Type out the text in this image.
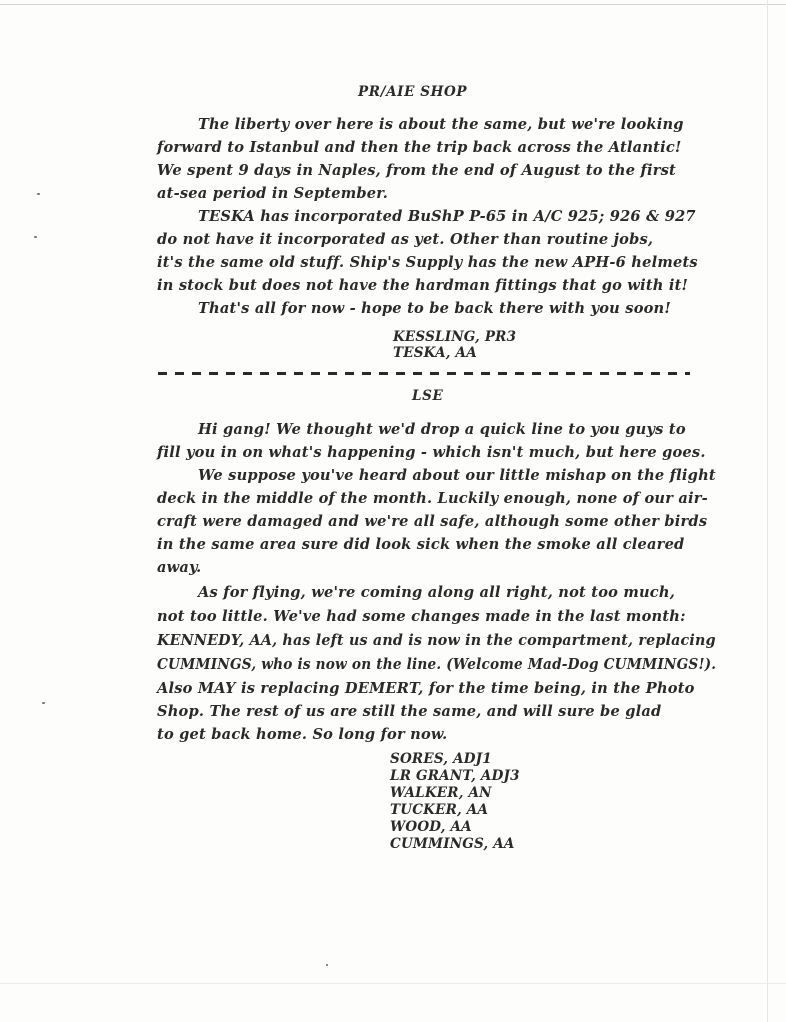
PR/AIE SHOP
The liberty over here is about the same, but we're looking
forward to Istanbul and then the trip back across the Atlantic!
We spent 9 days in Naples, from the end of August to the first
at-sea period in September.
TESKA has incorporated BuShP P-65 in A/C 925; 926 & 927
do not have it incorporated as yet. Other than routine jobs,
it's the same old stuff. Ship's Supply has the new APH-6 helmets
in stock but does not have the hardman fittings that go with it!
That's all for now - hope to be back there with you soon!
KESSLING, PR3
TESKA, AA
LSE
Hi gang! We thought we'd drop a quick line to you guys to
fill you in on what's happening - which isn't much, but here goes.
We suppose you've heard about our little mishap on the flight
deck in the middle of the month. Luckily enough, none of our air-
craft were damaged and we're all safe, although some other birds
in the same area sure did look sick when the smoke all cleared
away.
As for flying, we're coming along all right, not too much,
not too little. We've had some changes made in the last month:
KENNEDY, AA, has left us and is now in the compartment, replacing
CUMMINGS, who is now on the line. (Welcome Mad-Dog CUMMINGS!).
Also MAY is replacing DEMERT, for the time being, in the Photo
Shop. The rest of us are still the same, and will sure be glad
to get back home. So long for now.
SORES, ADJ1
LR GRANT, ADJ3
WALKER, AN
TUCKER, AA
WOOD, AA
CUMMINGS, AA
